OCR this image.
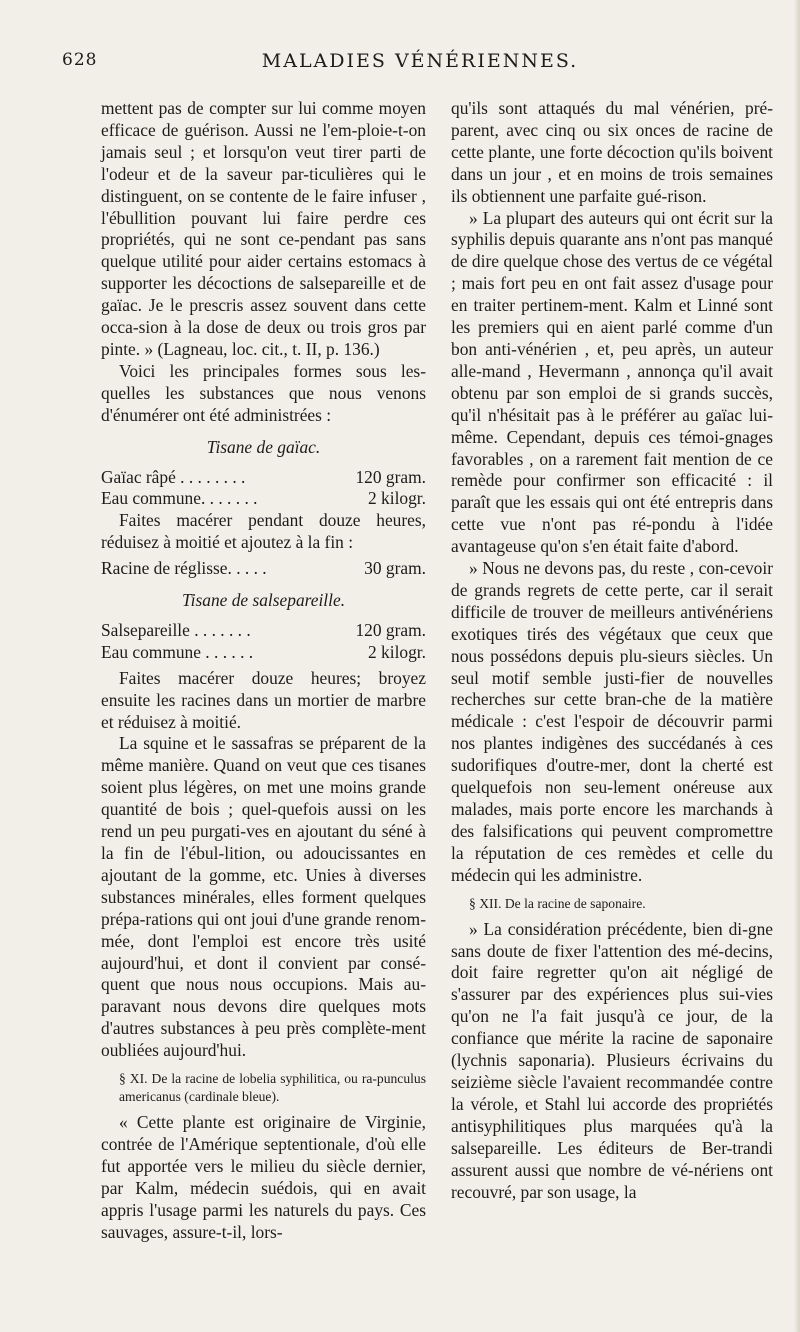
628	MALADIES VÉNÉRIENNES.

mettent pas de compter sur lui comme moyen efficace de guérison. Aussi ne l'em-ploie-t-on jamais seul ; et lorsqu'on veut tirer parti de l'odeur et de la saveur par-ticulières qui le distinguent, on se contente de le faire infuser , l'ébullition pouvant lui faire perdre ces propriétés, qui ne sont ce-pendant pas sans quelque utilité pour aider certains estomacs à supporter les décoctions de salsepareille et de gaïac. Je le prescris assez souvent dans cette occa-sion à la dose de deux ou trois gros par pinte. » (Lagneau, loc. cit., t. II, p. 136.)

Voici les principales formes sous les-quelles les substances que nous venons d'énumérer ont été administrées :

Tisane de gaïac.
Gaïac râpé . . . . . . . .	120 gram.
Eau commune. . . . . . .	2 kilogr.

Faites macérer pendant douze heures, réduisez à moitié et ajoutez à la fin :

Racine de réglisse. . . . .	30 gram.
Tisane de salsepareille.
Salsepareille . . . . . . .	120 gram.
Eau commune . . . . . .	2 kilogr.

Faites macérer douze heures; broyez ensuite les racines dans un mortier de marbre et réduisez à moitié.

La squine et le sassafras se préparent de la même manière. Quand on veut que ces tisanes soient plus légères, on met une moins grande quantité de bois ; quel-quefois aussi on les rend un peu purgati-ves en ajoutant du séné à la fin de l'ébul-lition, ou adoucissantes en ajoutant de la gomme, etc. Unies à diverses substances minérales, elles forment quelques prépa-rations qui ont joui d'une grande renom-mée, dont l'emploi est encore très usité aujourd'hui, et dont il convient par consé-quent que nous nous occupions. Mais au-paravant nous devons dire quelques mots d'autres substances à peu près complète-ment oubliées aujourd'hui.

§ XI. De la racine de lobelia syphilitica, ou ra-punculus americanus (cardinale bleue).

« Cette plante est originaire de Virginie, contrée de l'Amérique septentionale, d'où elle fut apportée vers le milieu du siècle dernier, par Kalm, médecin suédois, qui en avait appris l'usage parmi les naturels du pays. Ces sauvages, assure-t-il, lors-

qu'ils sont attaqués du mal vénérien, pré-parent, avec cinq ou six onces de racine de cette plante, une forte décoction qu'ils boivent dans un jour , et en moins de trois semaines ils obtiennent une parfaite gué-rison.

» La plupart des auteurs qui ont écrit sur la syphilis depuis quarante ans n'ont pas manqué de dire quelque chose des vertus de ce végétal ; mais fort peu en ont fait assez d'usage pour en traiter pertinem-ment. Kalm et Linné sont les premiers qui en aient parlé comme d'un bon anti-vénérien , et, peu après, un auteur alle-mand , Hevermann , annonça qu'il avait obtenu par son emploi de si grands succès, qu'il n'hésitait pas à le préférer au gaïac lui-même. Cependant, depuis ces témoi-gnages favorables , on a rarement fait mention de ce remède pour confirmer son efficacité : il paraît que les essais qui ont été entrepris dans cette vue n'ont pas ré-pondu à l'idée avantageuse qu'on s'en était faite d'abord.

» Nous ne devons pas, du reste , con-cevoir de grands regrets de cette perte, car il serait difficile de trouver de meilleurs antivénériens exotiques tirés des végétaux que ceux que nous possédons depuis plu-sieurs siècles. Un seul motif semble justi-fier de nouvelles recherches sur cette bran-che de la matière médicale : c'est l'espoir de découvrir parmi nos plantes indigènes des succédanés à ces sudorifiques d'outre-mer, dont la cherté est quelquefois non seu-lement onéreuse aux malades, mais porte encore les marchands à des falsifications qui peuvent compromettre la réputation de ces remèdes et celle du médecin qui les administre.

§ XII. De la racine de saponaire.

» La considération précédente, bien di-gne sans doute de fixer l'attention des mé-decins, doit faire regretter qu'on ait négligé de s'assurer par des expériences plus sui-vies qu'on ne l'a fait jusqu'à ce jour, de la confiance que mérite la racine de saponaire (lychnis saponaria). Plusieurs écrivains du seizième siècle l'avaient recommandée contre la vérole, et Stahl lui accorde des propriétés antisyphilitiques plus marquées qu'à la salsepareille. Les éditeurs de Ber-trandi assurent aussi que nombre de vé-nériens ont recouvré, par son usage, la
